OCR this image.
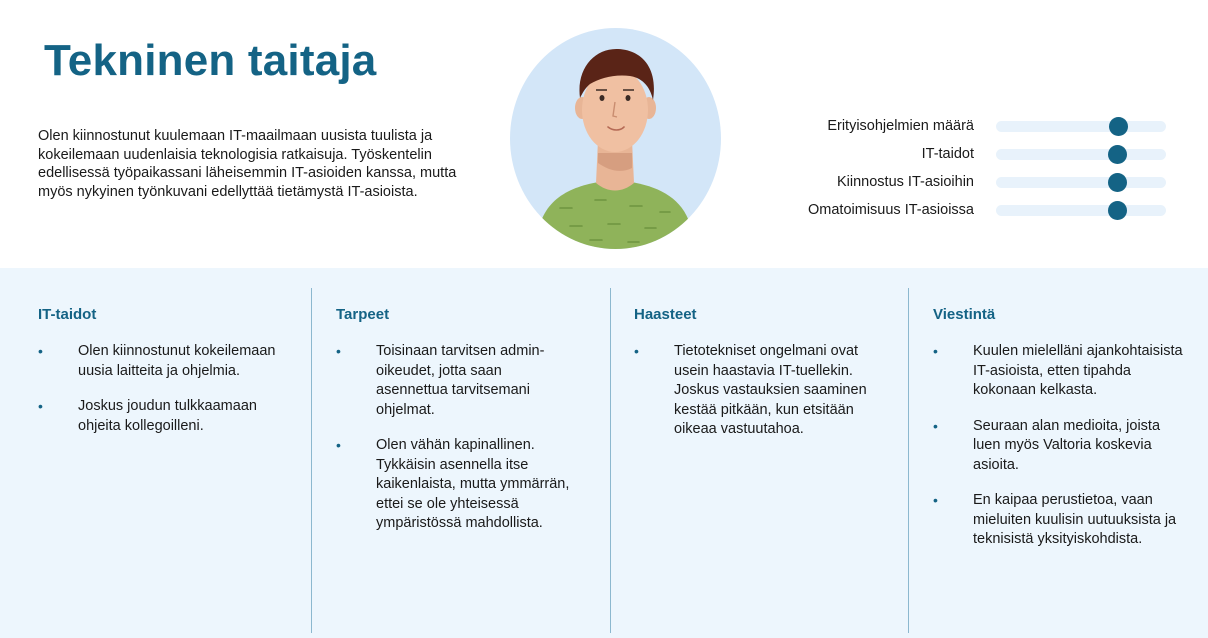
Tekninen taitaja

Olen kiinnostunut kuulemaan IT-maailmaan uusista tuulista ja kokeilemaan uudenlaisia teknologisia ratkaisuja. Työskentelin edellisessä työpaikassani läheisemmin IT-asioiden kanssa, mutta myös nykyinen työnkuvani edellyttää tietämystä IT-asioista.

Erityisohjelmien määrä
IT-taidot
Kiinnostus IT-asioihin
Omatoimisuus IT-asioissa
IT-taidot
• Olen kiinnostunut kokeilemaan uusia laitteita ja ohjelmia.
• Joskus joudun tulkkaamaan ohjeita kollegoilleni.
Tarpeet
• Toisinaan tarvitsen admin-oikeudet, jotta saan asennettua tarvitsemani ohjelmat.
• Olen vähän kapinallinen. Tykkäisin asennella itse kaikenlaista, mutta ymmärrän, ettei se ole yhteisessä ympäristössä mahdollista.
Haasteet
• Tietotekniset ongelmani ovat usein haastavia IT-tuellekin. Joskus vastauksien saaminen kestää pitkään, kun etsitään oikeaa vastuutahoa.
Viestintä
• Kuulen mielelläni ajankohtaisista IT-asioista, etten tipahda kokonaan kelkasta.
• Seuraan alan medioita, joista luen myös Valtoria koskevia asioita.
• En kaipaa perustietoa, vaan mieluiten kuulisin uutuuksista ja teknisistä yksityiskohdista.
